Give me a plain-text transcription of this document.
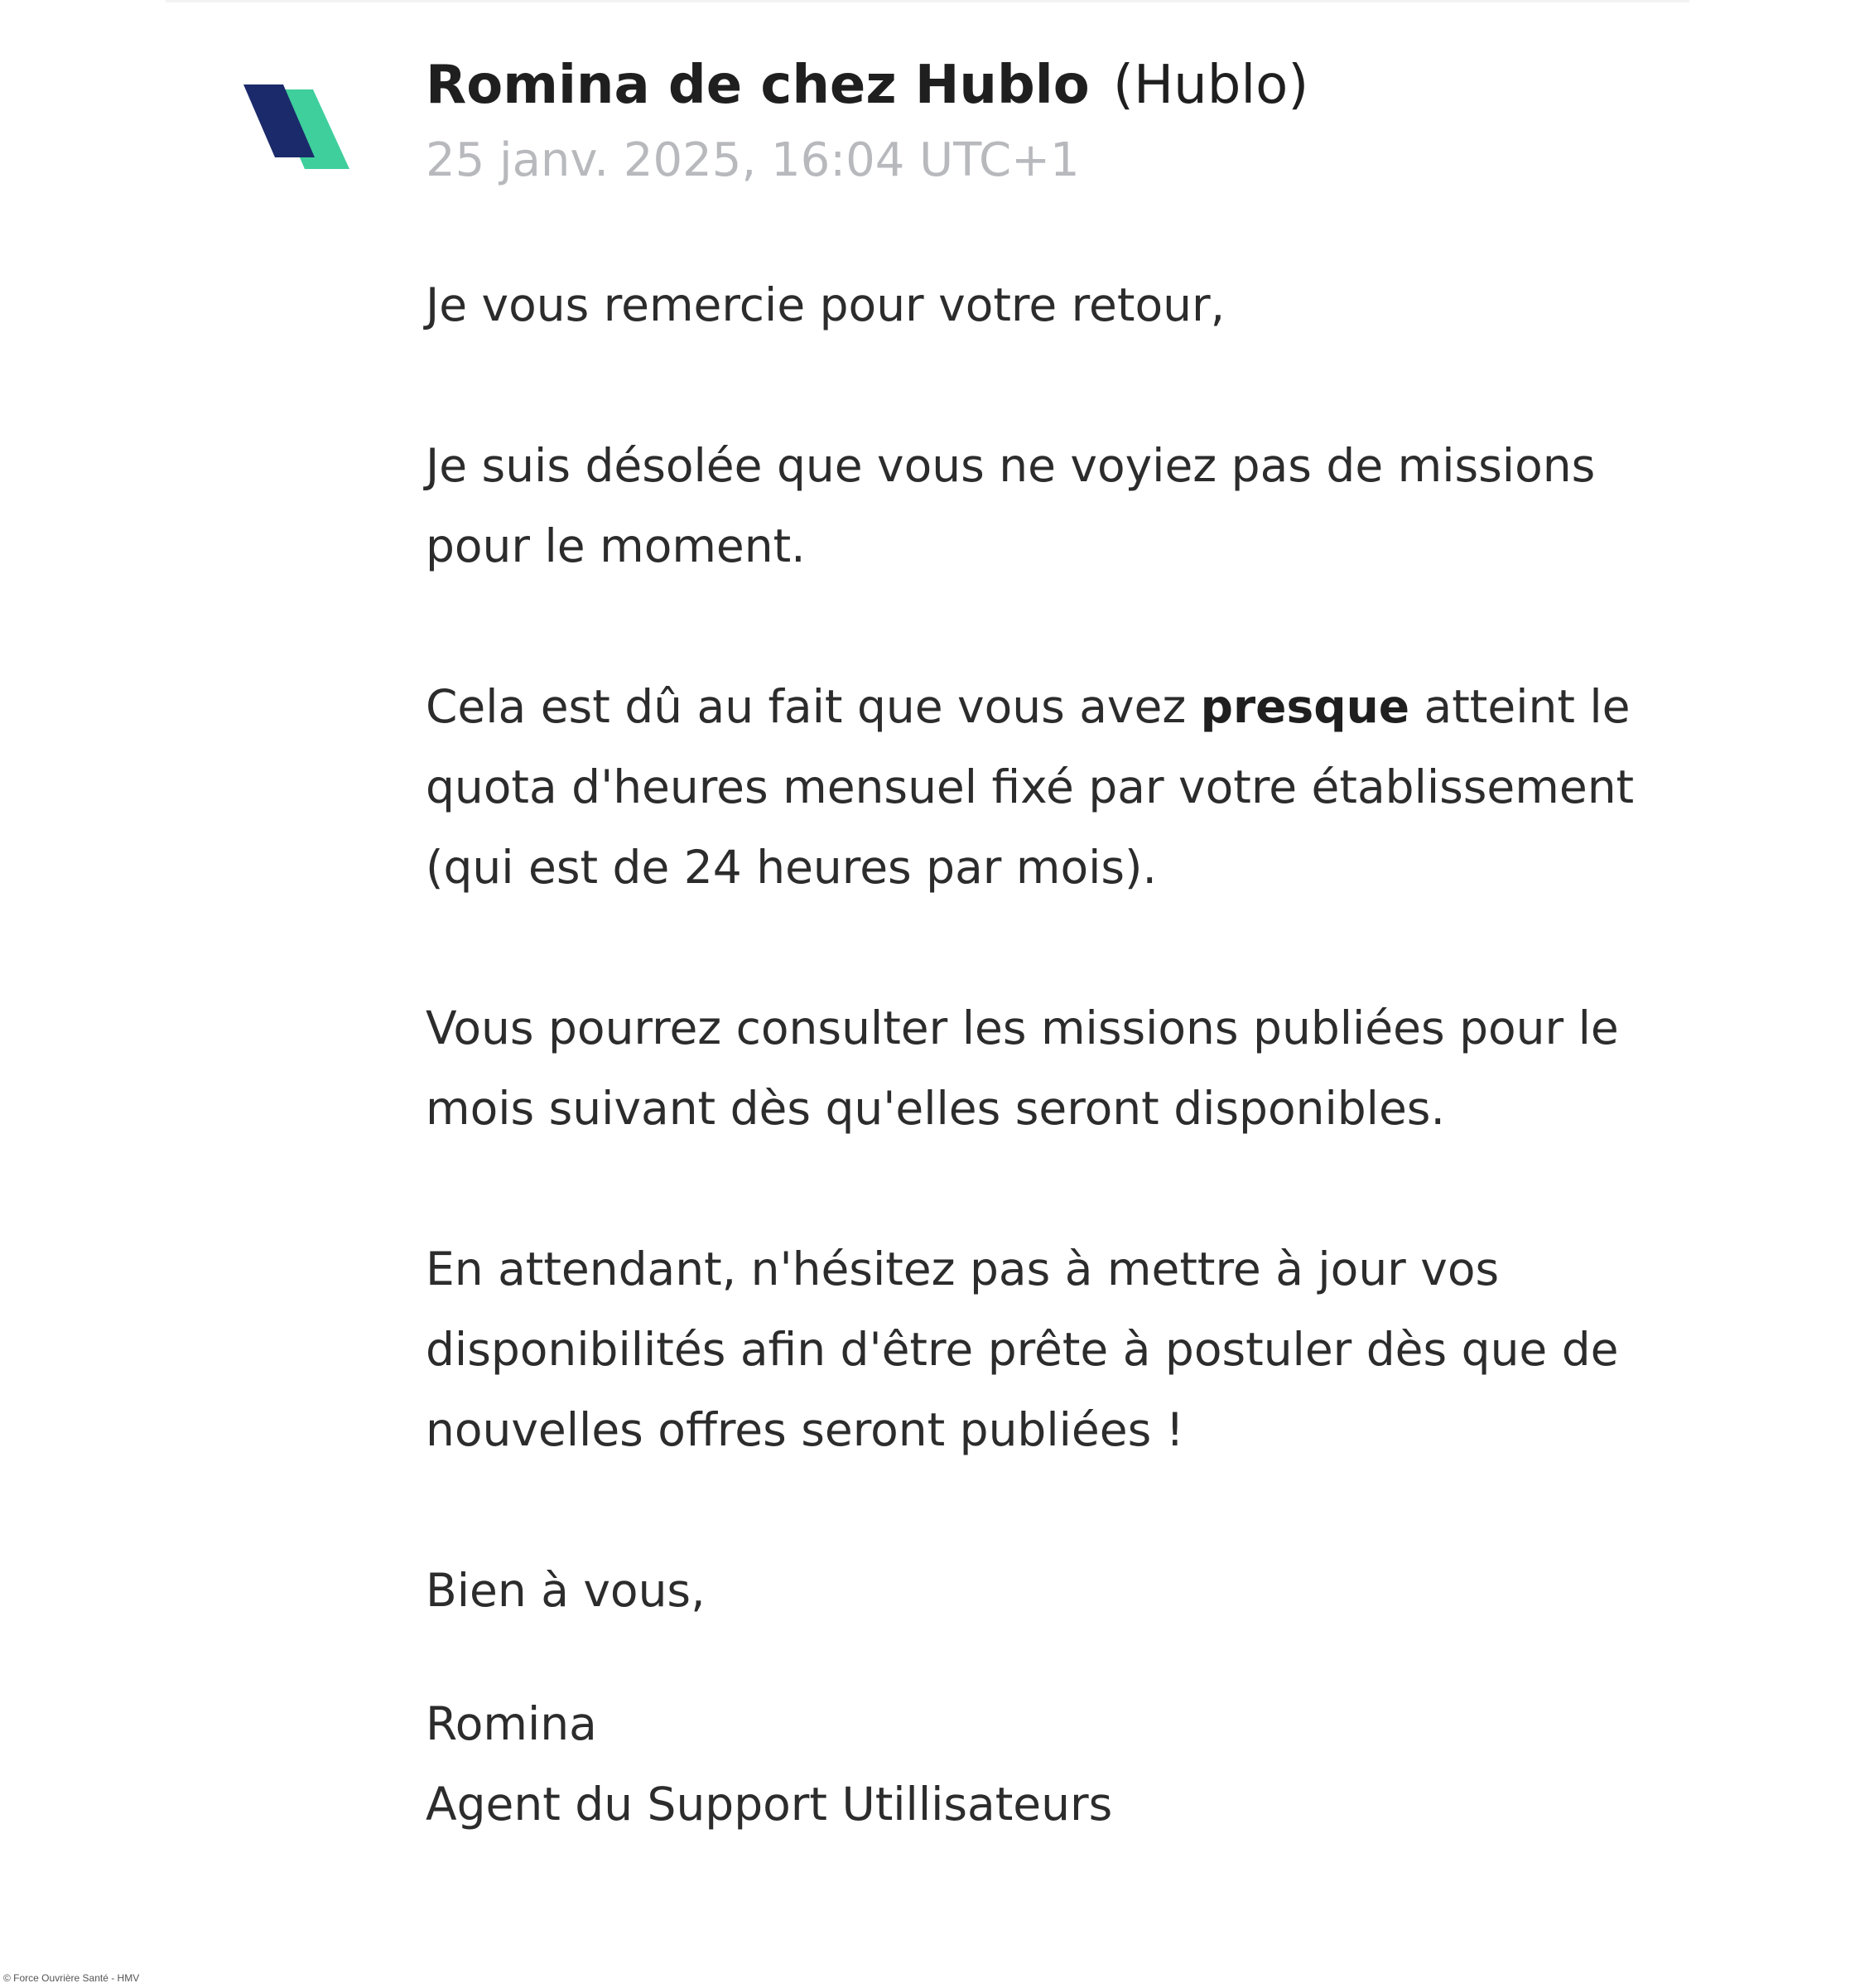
Romina de chez Hublo (Hublo)
25 janv. 2025, 16:04 UTC+1

Je vous remercie pour votre retour,

Je suis désolée que vous ne voyiez pas de missions
pour le moment.

Cela est dû au fait que vous avez presque atteint le
quota d'heures mensuel fixé par votre établissement
(qui est de 24 heures par mois).

Vous pourrez consulter les missions publiées pour le
mois suivant dès qu'elles seront disponibles.

En attendant, n'hésitez pas à mettre à jour vos
disponibilités afin d'être prête à postuler dès que de
nouvelles offres seront publiées !

Bien à vous,

Romina
Agent du Support Utillisateurs

© Force Ouvrière Santé - HMV
